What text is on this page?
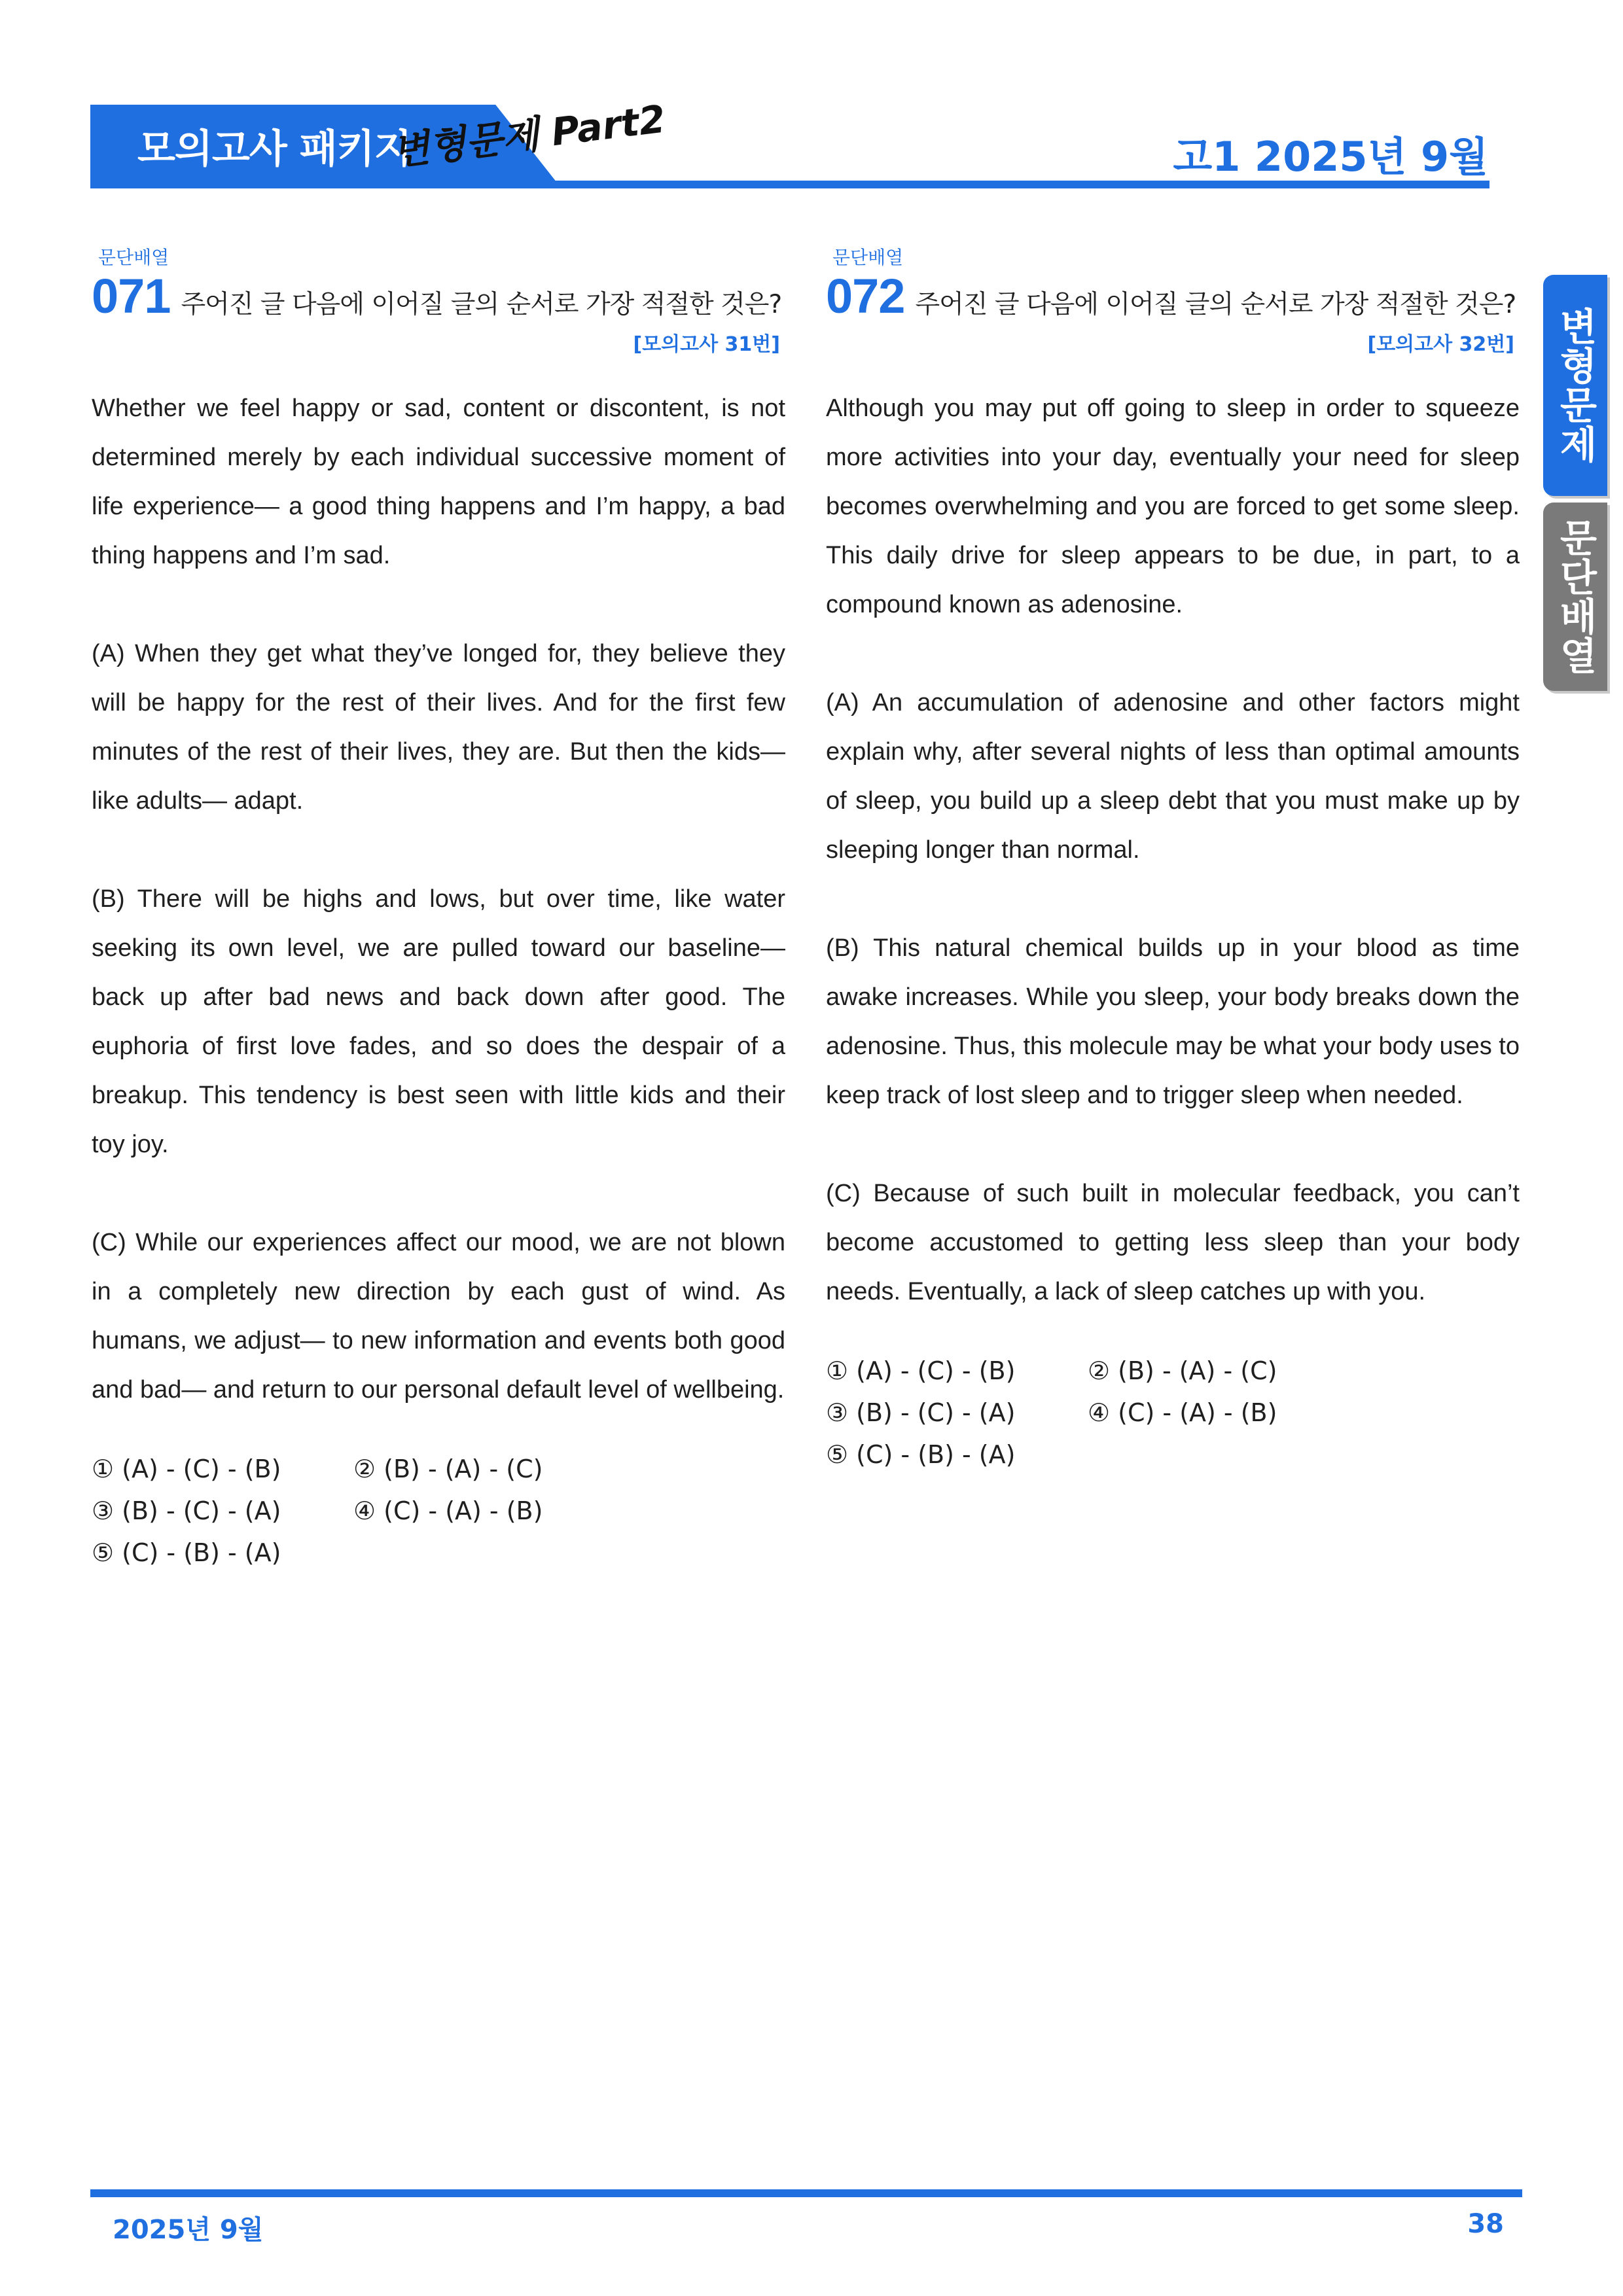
모의고사 패키지
변형문제 Part2	고1 2025년 9월
변형문제
문단배열
문단배열
071 주어진 글 다음에 이어질 글의 순서로 가장 적절한 것은?
[모의고사 31번]

Whether we feel happy or sad, content or discontent, is not determined merely by each individual successive moment of life experience— a good thing happens and I’m happy, a bad thing happens and I’m sad.

(A) When they get what they’ve longed for, they believe they will be happy for the rest of their lives. And for the first few minutes of the rest of their lives, they are. But then the kids— like adults— adapt.

(B) There will be highs and lows, but over time, like water seeking its own level, we are pulled toward our baseline— back up after bad news and back down after good. The euphoria of first love fades, and so does the despair of a breakup. This tendency is best seen with little kids and their toy joy.

(C) While our experiences affect our mood, we are not blown in a completely new direction by each gust of wind. As humans, we adjust— to new information and events both good and bad— and return to our personal default level of wellbeing.

① (A) - (C) - (B)	② (B) - (A) - (C)
③ (B) - (C) - (A)	④ (C) - (A) - (B)
⑤ (C) - (B) - (A)
문단배열
072 주어진 글 다음에 이어질 글의 순서로 가장 적절한 것은?
[모의고사 32번]

Although you may put off going to sleep in order to squeeze more activities into your day, eventually your need for sleep becomes overwhelming and you are forced to get some sleep. This daily drive for sleep appears to be due, in part, to a compound known as adenosine.

(A) An accumulation of adenosine and other factors might explain why, after several nights of less than optimal amounts of sleep, you build up a sleep debt that you must make up by sleeping longer than normal.

(B) This natural chemical builds up in your blood as time awake increases. While you sleep, your body breaks down the adenosine. Thus, this molecule may be what your body uses to keep track of lost sleep and to trigger sleep when needed.

(C) Because of such built in molecular feedback, you can’t become accustomed to getting less sleep than your body needs. Eventually, a lack of sleep catches up with you.

① (A) - (C) - (B)	② (B) - (A) - (C)
③ (B) - (C) - (A)	④ (C) - (A) - (B)
⑤ (C) - (B) - (A)
2025년 9월	38
